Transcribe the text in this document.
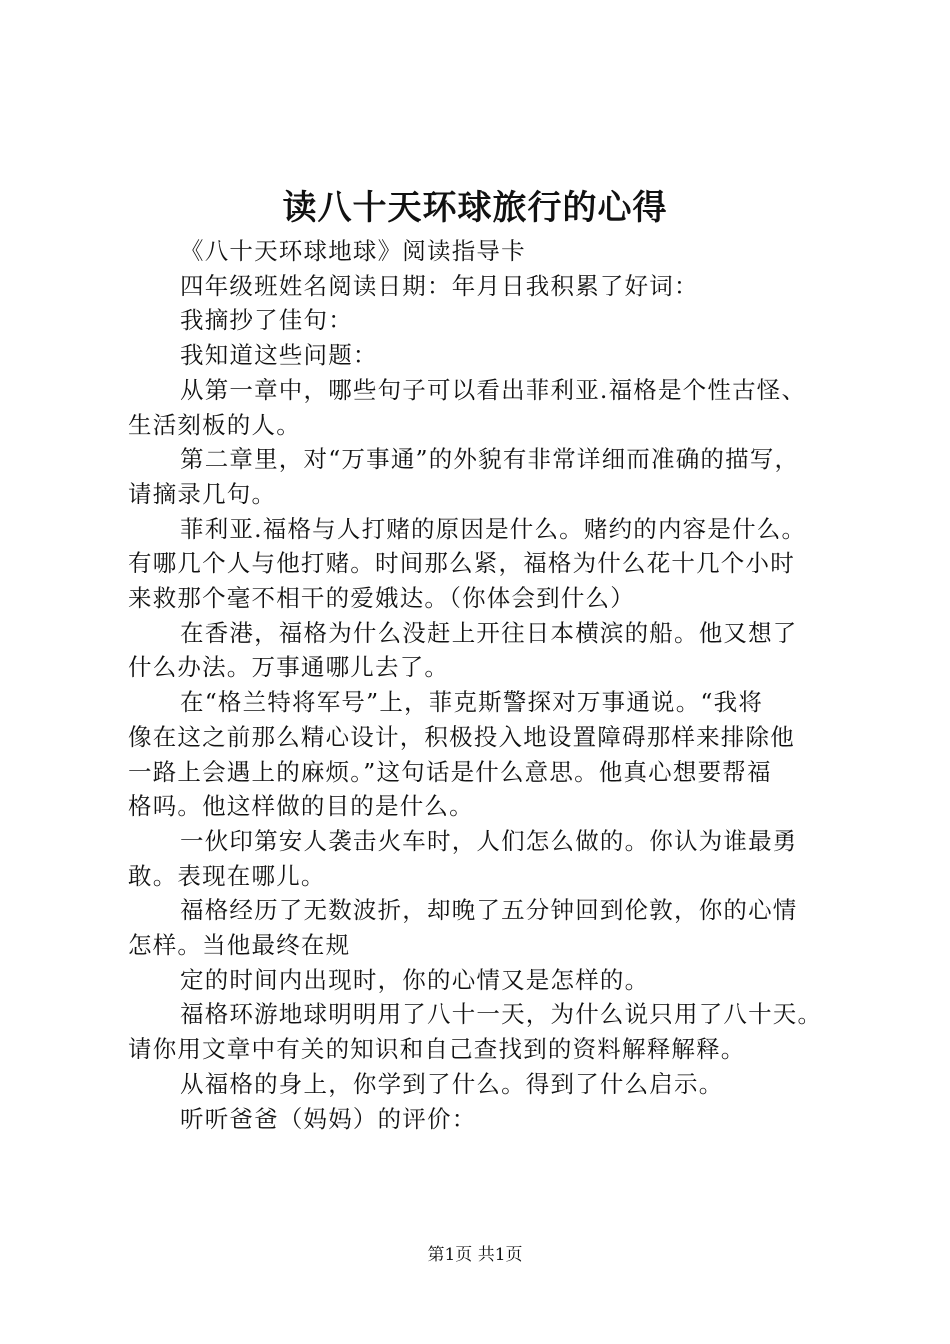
读八十天环球旅行的心得
《八十天环球地球》阅读指导卡
四年级班姓名阅读日期：年月日我积累了好词：
我摘抄了佳句：
我知道这些问题：
从第一章中，哪些句子可以看出菲利亚.福格是个性古怪、
生活刻板的人。
第二章里，对“万事通”的外貌有非常详细而准确的描写，
请摘录几句。
菲利亚.福格与人打赌的原因是什么。赌约的内容是什么。
有哪几个人与他打赌。时间那么紧，福格为什么花十几个小时
来救那个毫不相干的爱娥达。（你体会到什么）
在香港，福格为什么没赶上开往日本横滨的船。他又想了
什么办法。万事通哪儿去了。
在“格兰特将军号”上，菲克斯警探对万事通说。“我将
像在这之前那么精心设计，积极投入地设置障碍那样来排除他
一路上会遇上的麻烦。”这句话是什么意思。他真心想要帮福
格吗。他这样做的目的是什么。
一伙印第安人袭击火车时，人们怎么做的。你认为谁最勇
敢。表现在哪儿。
福格经历了无数波折，却晚了五分钟回到伦敦，你的心情
怎样。当他最终在规
定的时间内出现时，你的心情又是怎样的。
福格环游地球明明用了八十一天，为什么说只用了八十天。
请你用文章中有关的知识和自己查找到的资料解释解释。
从福格的身上，你学到了什么。得到了什么启示。
听听爸爸（妈妈）的评价：
第1页 共1页
